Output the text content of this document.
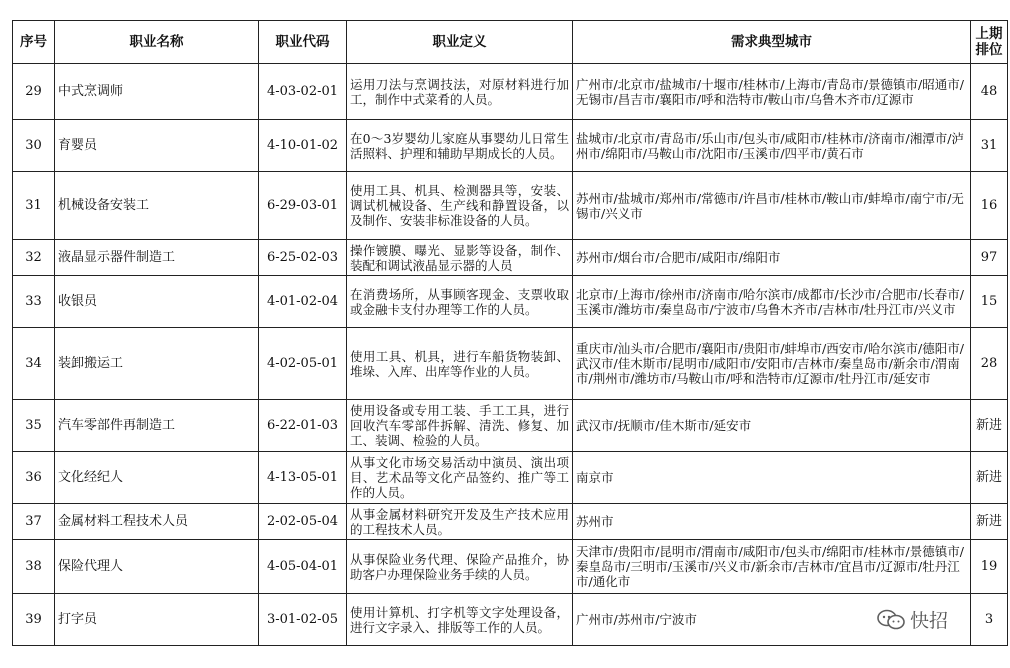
序号	职业名称	职业代码	职业定义	需求典型城市	上期
排位
29	中式烹调师	4-03-02-01	运用刀法与烹调技法，对原材料进行加工，制作中式菜肴的人员。	广州市/北京市/盐城市/十堰市/桂林市/上海市/青岛市/景德镇市/昭通市/无锡市/昌吉市/襄阳市/呼和浩特市/鞍山市/乌鲁木齐市/辽源市	48
30	育婴员	4-10-01-02	在0～3岁婴幼儿家庭从事婴幼儿日常生活照料、护理和辅助早期成长的人员。	盐城市/北京市/青岛市/乐山市/包头市/咸阳市/桂林市/济南市/湘潭市/泸州市/绵阳市/马鞍山市/沈阳市/玉溪市/四平市/黄石市	31
31	机械设备安装工	6-29-03-01	使用工具、机具、检测器具等，安装、调试机械设备、生产线和静置设备，以及制作、安装非标准设备的人员。	苏州市/盐城市/郑州市/常德市/许昌市/桂林市/鞍山市/蚌埠市/南宁市/无锡市/兴义市	16
32	液晶显示器件制造工	6-25-02-03	操作镀膜、曝光、显影等设备，制作、装配和调试液晶显示器的人员	苏州市/烟台市/合肥市/咸阳市/绵阳市	97
33	收银员	4-01-02-04	在消费场所，从事顾客现金、支票收取或金融卡支付办理等工作的人员。	北京市/上海市/徐州市/济南市/哈尔滨市/成都市/长沙市/合肥市/长春市/玉溪市/潍坊市/秦皇岛市/宁波市/乌鲁木齐市/吉林市/牡丹江市/兴义市	15
34	装卸搬运工	4-02-05-01	使用工具、机具，进行车船货物装卸、堆垛、入库、出库等作业的人员。	重庆市/汕头市/合肥市/襄阳市/贵阳市/蚌埠市/西安市/哈尔滨市/德阳市/武汉市/佳木斯市/昆明市/咸阳市/安阳市/吉林市/秦皇岛市/新余市/渭南市/荆州市/潍坊市/马鞍山市/呼和浩特市/辽源市/牡丹江市/延安市	28
35	汽车零部件再制造工	6-22-01-03	使用设备或专用工装、手工工具，进行回收汽车零部件拆解、清洗、修复、加工、装调、检验的人员。	武汉市/抚顺市/佳木斯市/延安市	新进
36	文化经纪人	4-13-05-01	从事文化市场交易活动中演员、演出项目、艺术品等文化产品签约、推广等工作的人员。	南京市	新进
37	金属材料工程技术人员	2-02-05-04	从事金属材料研究开发及生产技术应用的工程技术人员。	苏州市	新进
38	保险代理人	4-05-04-01	从事保险业务代理、保险产品推介，协助客户办理保险业务手续的人员。	天津市/贵阳市/昆明市/渭南市/咸阳市/包头市/绵阳市/桂林市/景德镇市/秦皇岛市/三明市/玉溪市/兴义市/新余市/吉林市/宜昌市/辽源市/牡丹江市/通化市	19
39	打字员	3-01-02-05	使用计算机、打字机等文字处理设备，进行文字录入、排版等工作的人员。	广州市/苏州市/宁波市	3
快招
